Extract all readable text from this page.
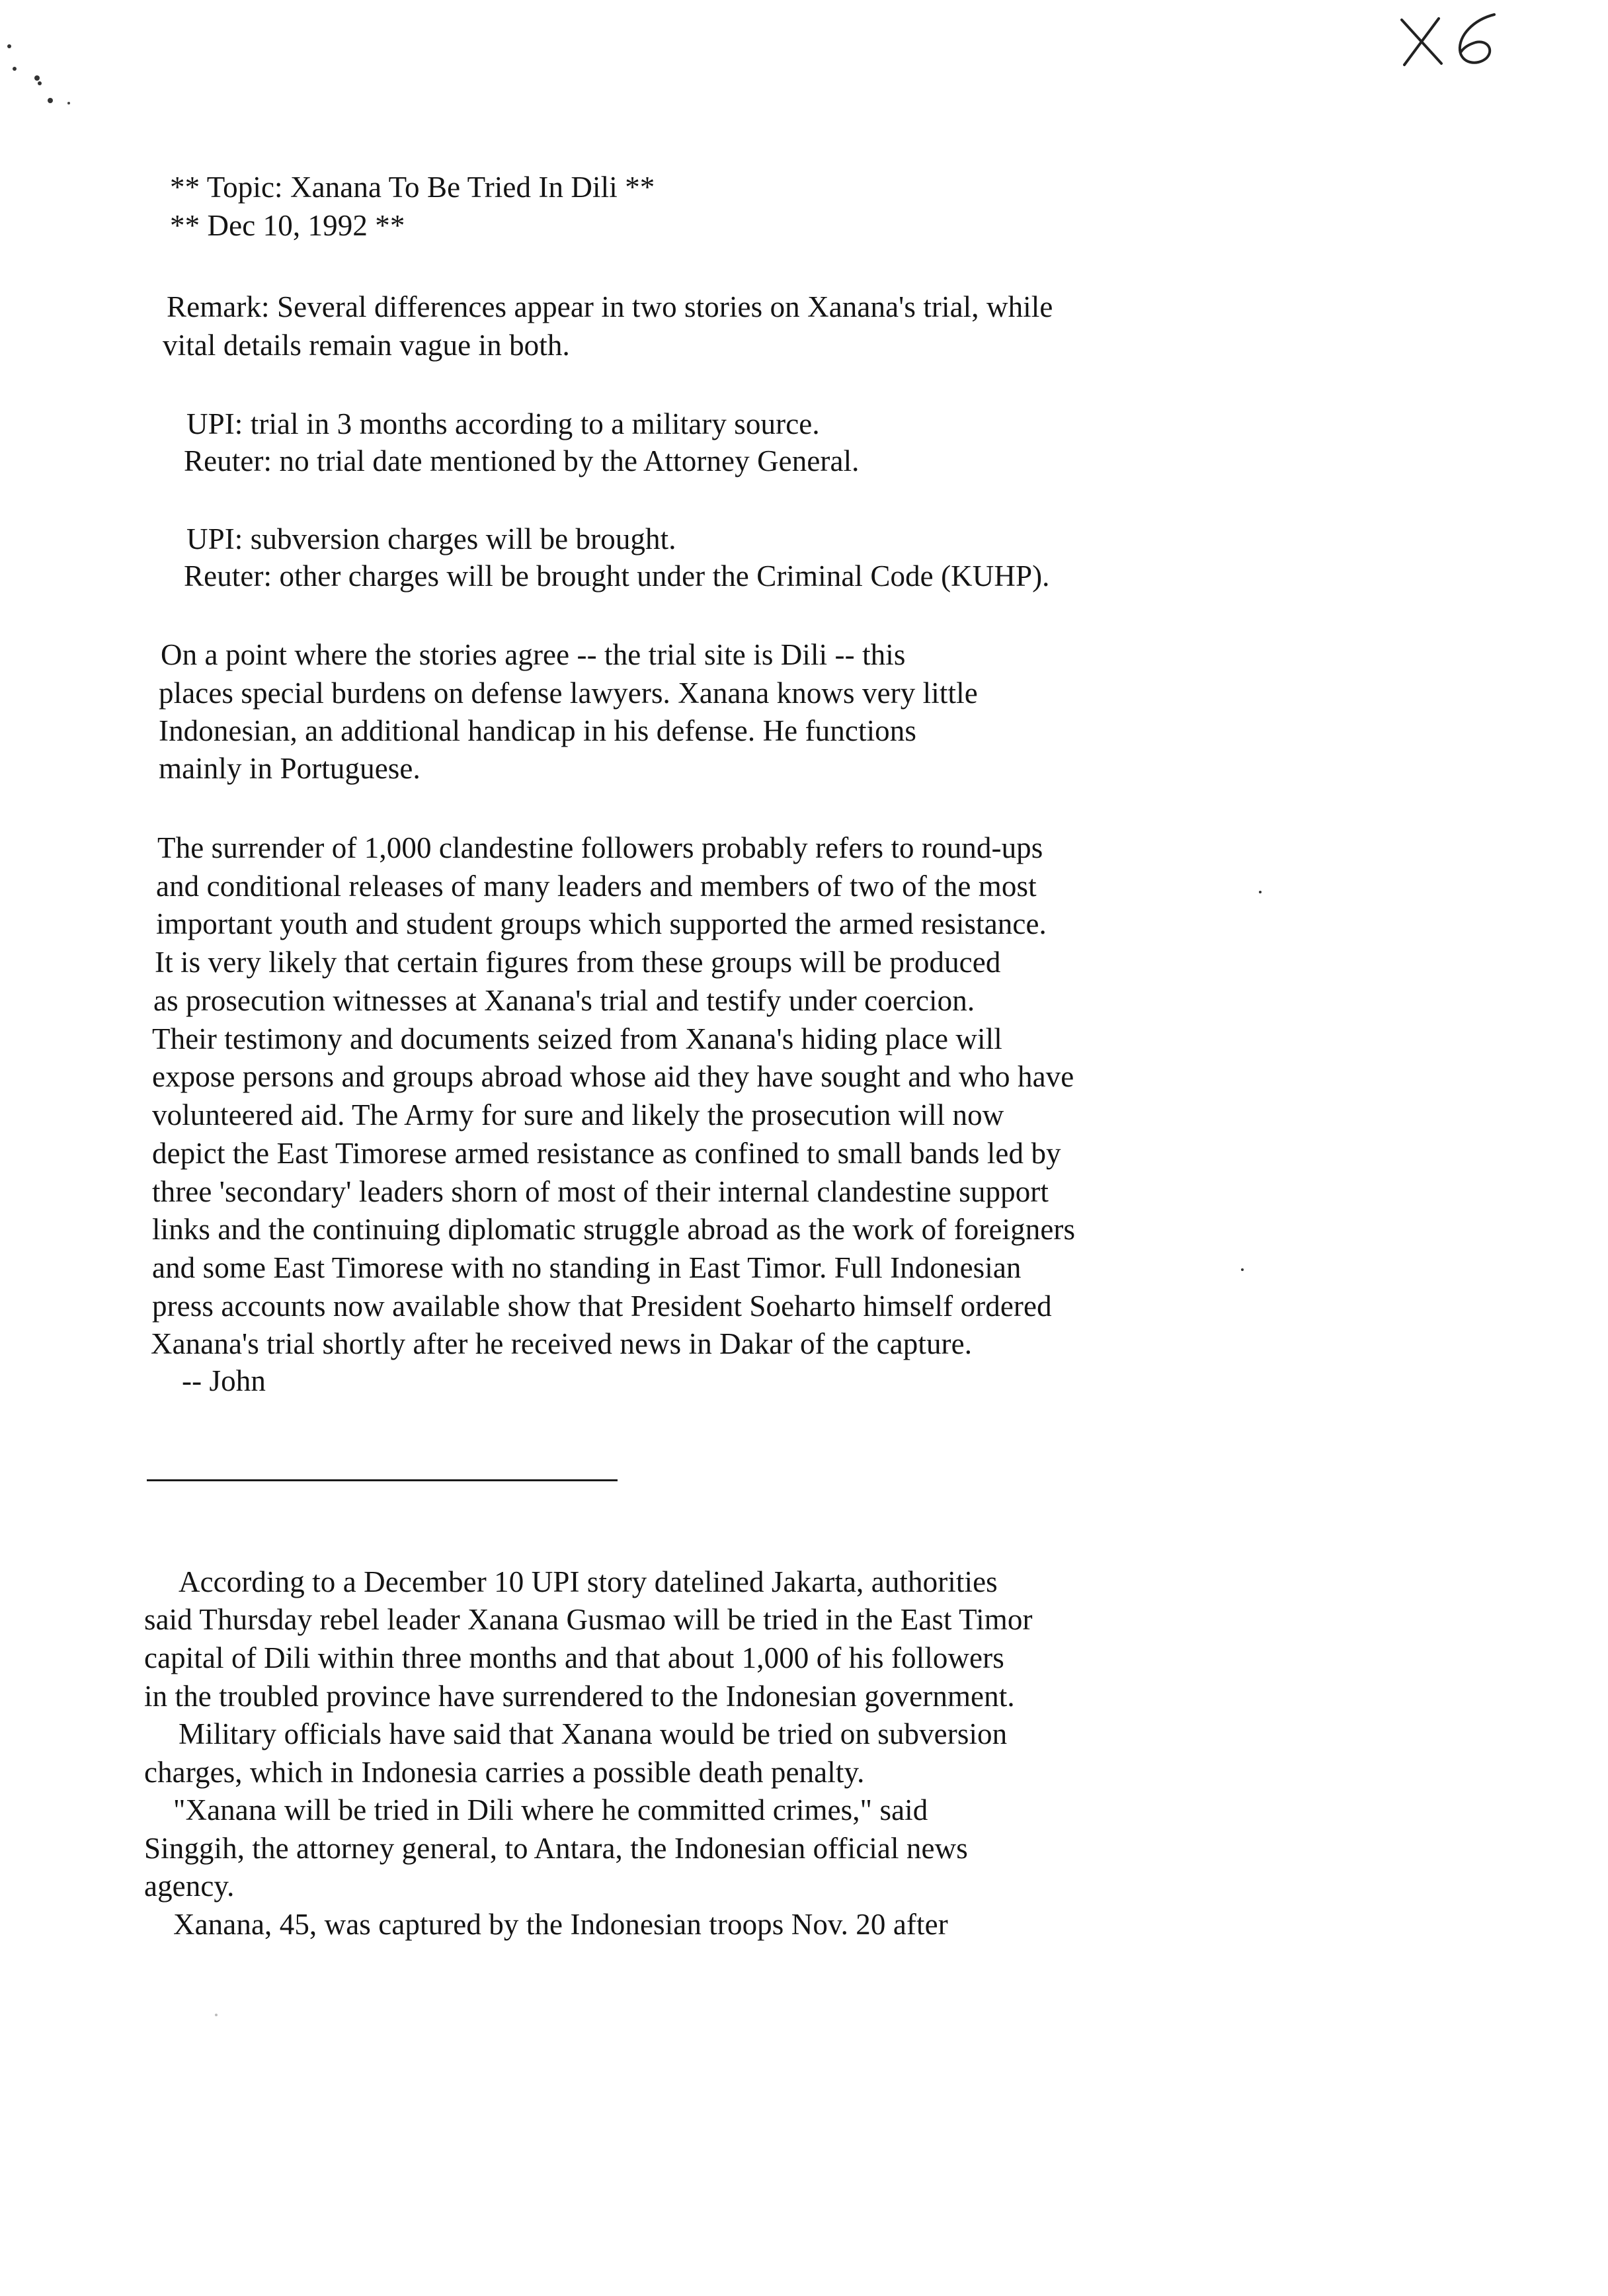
** Topic: Xanana To Be Tried In Dili **
** Dec 10, 1992 **
Remark: Several differences appear in two stories on Xanana's trial, while
vital details remain vague in both.
UPI: trial in 3 months according to a military source.
Reuter: no trial date mentioned by the Attorney General.
UPI: subversion charges will be brought.
Reuter: other charges will be brought under the Criminal Code (KUHP).
On a point where the stories agree -- the trial site is Dili -- this
places special burdens on defense lawyers. Xanana knows very little
Indonesian, an additional handicap in his defense. He functions
mainly in Portuguese.
The surrender of 1,000 clandestine followers probably refers to round-ups
and conditional releases of many leaders and members of two of the most
important youth and student groups which supported the armed resistance.
It is very likely that certain figures from these groups will be produced
as prosecution witnesses at Xanana's trial and testify under coercion.
Their testimony and documents seized from Xanana's hiding place will
expose persons and groups abroad whose aid they have sought and who have
volunteered aid. The Army for sure and likely the prosecution will now
depict the East Timorese armed resistance as confined to small bands led by
three 'secondary' leaders shorn of most of their internal clandestine support
links and the continuing diplomatic struggle abroad as the work of foreigners
and some East Timorese with no standing in East Timor. Full Indonesian
press accounts now available show that President Soeharto himself ordered
Xanana's trial shortly after he received news in Dakar of the capture.
-- John
According to a December 10 UPI story datelined Jakarta, authorities
said Thursday rebel leader Xanana Gusmao will be tried in the East Timor
capital of Dili within three months and that about 1,000 of his followers
in the troubled province have surrendered to the Indonesian government.
Military officials have said that Xanana would be tried on subversion
charges, which in Indonesia carries a possible death penalty.
"Xanana will be tried in Dili where he committed crimes," said
Singgih, the attorney general, to Antara, the Indonesian official news
agency.
Xanana, 45, was captured by the Indonesian troops Nov. 20 after
